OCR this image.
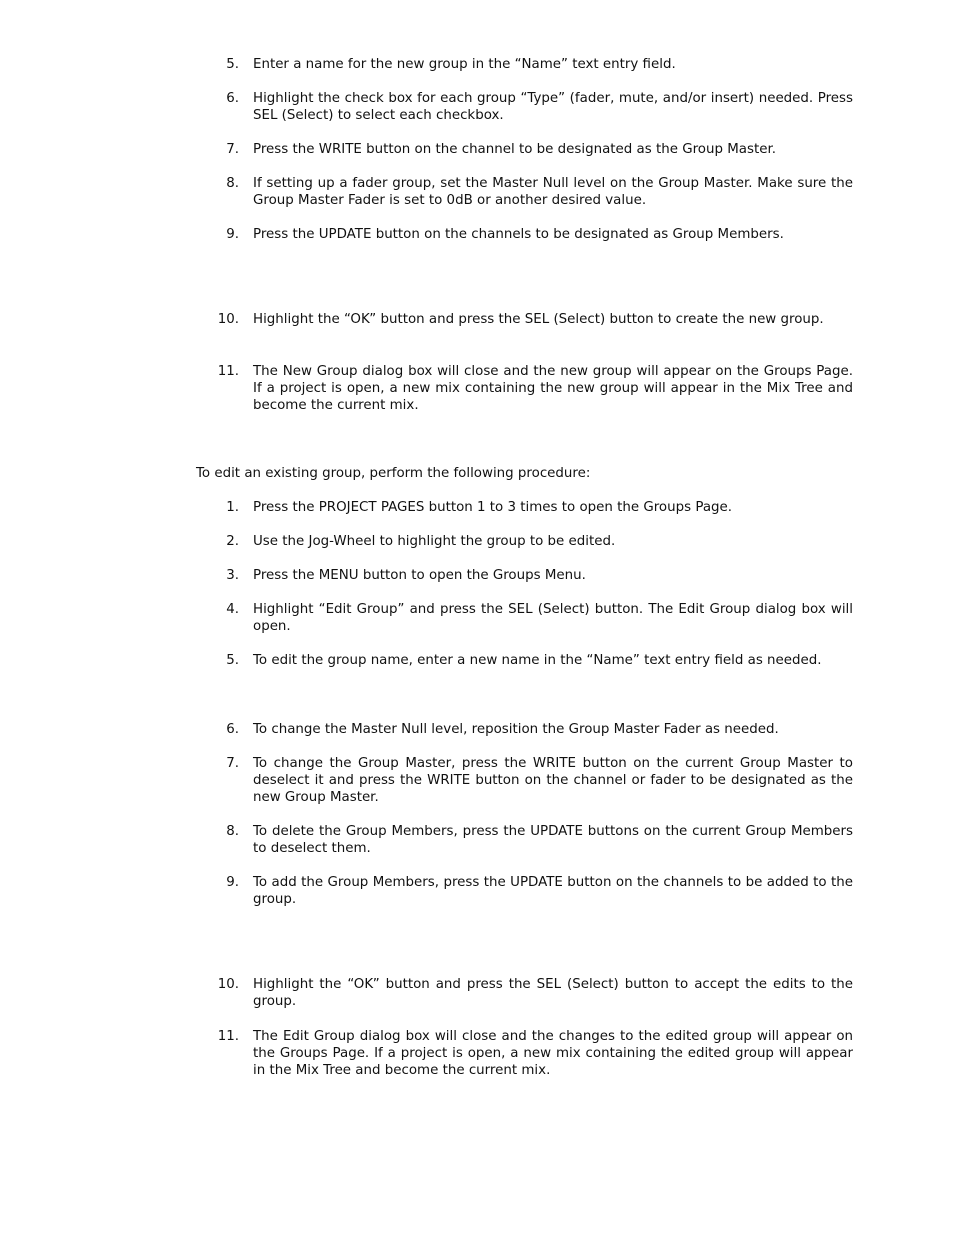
5. Enter a name for the new group in the “Name” text entry field.
6. Highlight the check box for each group “Type” (fader, mute, and/or insert) needed. Press SEL (Select) to select each checkbox.
7. Press the WRITE button on the channel to be designated as the Group Master.
8. If setting up a fader group, set the Master Null level on the Group Master. Make sure the Group Master Fader is set to 0dB or another desired value.
9. Press the UPDATE button on the channels to be designated as Group Members.
10. Highlight the “OK” button and press the SEL (Select) button to create the new group.
11. The New Group dialog box will close and the new group will appear on the Groups Page. If a project is open, a new mix containing the new group will appear in the Mix Tree and become the current mix.
To edit an existing group, perform the following procedure:
1. Press the PROJECT PAGES button 1 to 3 times to open the Groups Page.
2. Use the Jog-Wheel to highlight the group to be edited.
3. Press the MENU button to open the Groups Menu.
4. Highlight “Edit Group” and press the SEL (Select) button. The Edit Group dialog box will open.
5. To edit the group name, enter a new name in the “Name” text entry field as needed.
6. To change the Master Null level, reposition the Group Master Fader as needed.
7. To change the Group Master, press the WRITE button on the current Group Master to deselect it and press the WRITE button on the channel or fader to be designated as the new Group Master.
8. To delete the Group Members, press the UPDATE buttons on the current Group Members to deselect them.
9. To add the Group Members, press the UPDATE button on the channels to be added to the group.
10. Highlight the “OK” button and press the SEL (Select) button to accept the edits to the group.
11. The Edit Group dialog box will close and the changes to the edited group will appear on the Groups Page. If a project is open, a new mix containing the edited group will appear in the Mix Tree and become the current mix.
